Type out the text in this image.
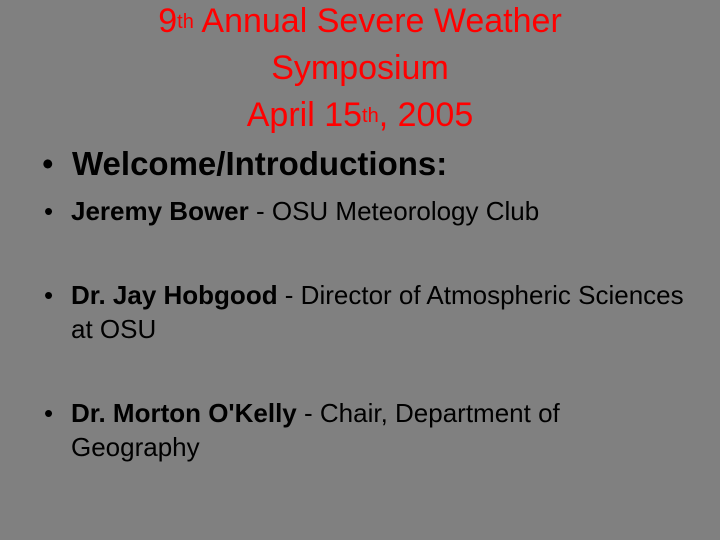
9th Annual Severe Weather
Symposium
April 15th, 2005
• Welcome/Introductions:
• Jeremy Bower - OSU Meteorology Club
• Dr. Jay Hobgood - Director of Atmospheric Sciences at OSU
• Dr. Morton O'Kelly - Chair, Department of Geography
